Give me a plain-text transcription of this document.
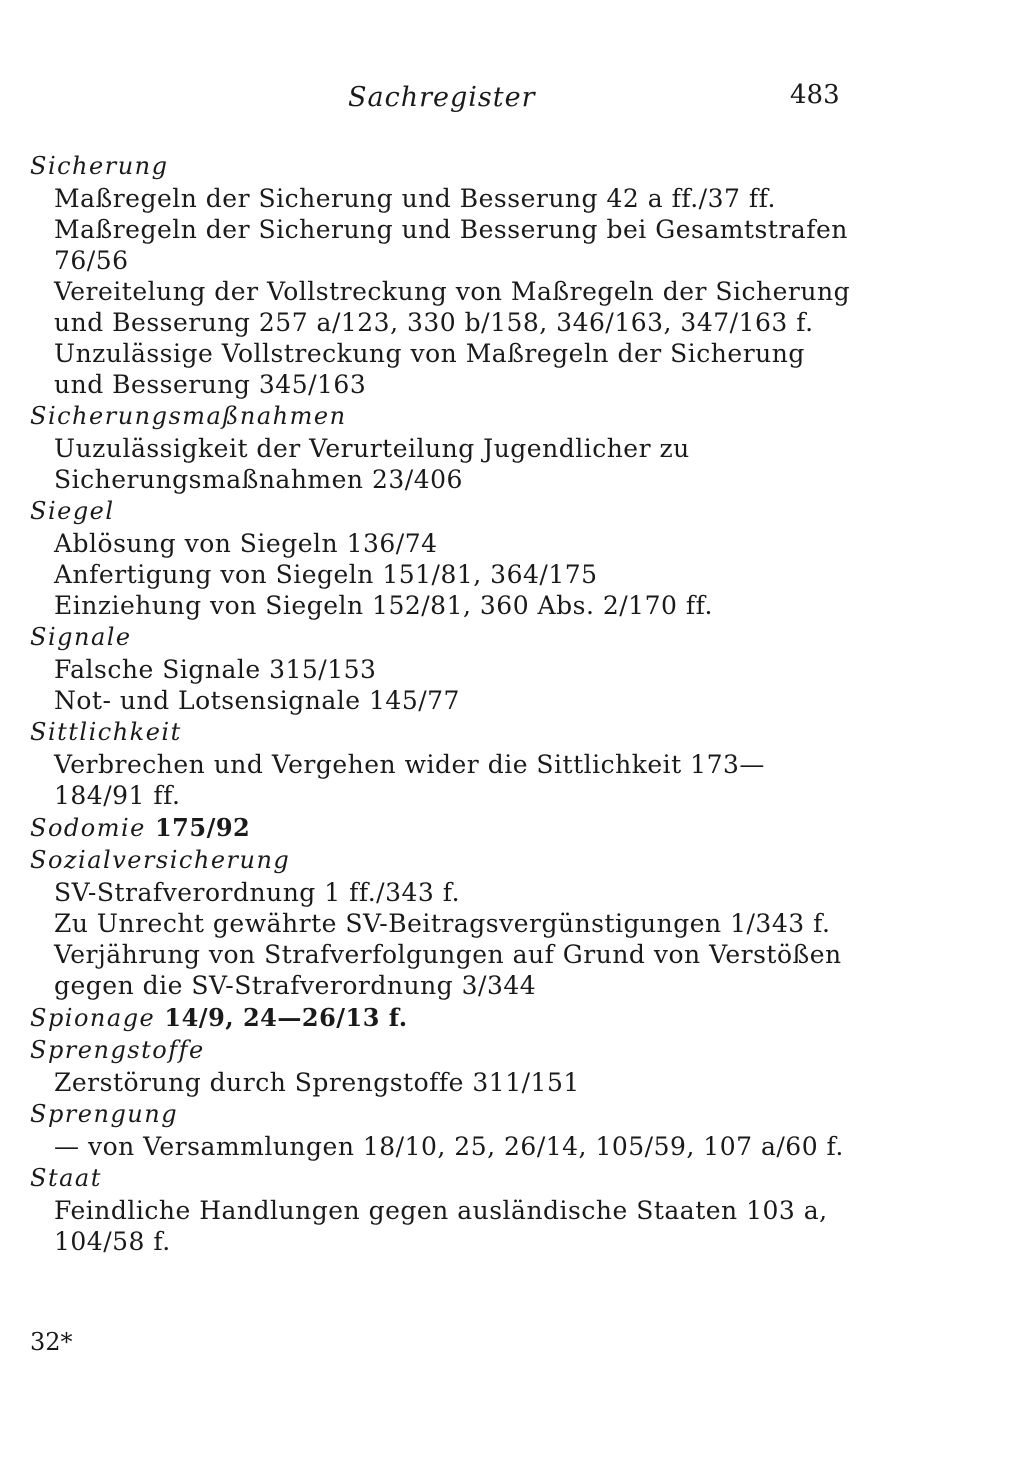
Sachregister	483
Sicherung
Maßregeln der Sicherung und Besserung 42 a ff./37 ff.
Maßregeln der Sicherung und Besserung bei Gesamtstrafen 76/56
Vereitelung der Vollstreckung von Maßregeln der Sicherung und Besserung 257 a/123, 330 b/158, 346/163, 347/163 f.
Unzulässige Vollstreckung von Maßregeln der Sicherung und Besserung 345/163
Sicherungsmaßnahmen
Uuzulässigkeit der Verurteilung Jugendlicher zu Sicherungsmaßnahmen 23/406
Siegel
Ablösung von Siegeln 136/74
Anfertigung von Siegeln 151/81, 364/175
Einziehung von Siegeln 152/81, 360 Abs. 2/170 ff.
Signale
Falsche Signale 315/153
Not- und Lotsensignale 145/77
Sittlichkeit
Verbrechen und Vergehen wider die Sittlichkeit 173—184/91 ff.
Sodomie 175/92
Sozialversicherung
SV-Strafverordnung 1 ff./343 f.
Zu Unrecht gewährte SV-Beitragsvergünstigungen 1/343 f.
Verjährung von Strafverfolgungen auf Grund von Verstößen gegen die SV-Strafverordnung 3/344
Spionage 14/9, 24—26/13 f.
Sprengstoffe
Zerstörung durch Sprengstoffe 311/151
Sprengung
— von Versammlungen 18/10, 25, 26/14, 105/59, 107 a/60 f.
Staat
Feindliche Handlungen gegen ausländische Staaten 103 a, 104/58 f.
32*
